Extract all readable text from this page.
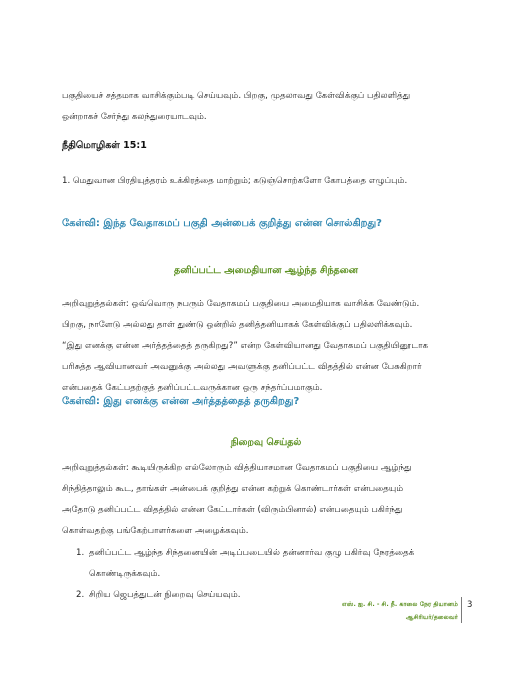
பகுதியைச் சத்தமாக வாசிக்கும்படி செய்யவும். பிறகு, முதலாவது கேள்விக்குப் பதிலளித்து
ஒன்றாகச் சேர்ந்து கலந்துரையாடவும்.

நீதிமொழிகள் 15:1

1. மெதுவான பிரதியுத்தரம் உக்கிரத்தை மாற்றும்; கடுஞ்சொற்களோ கோபத்தை எழுப்பும்.

கேள்வி: இந்த வேதாகமப் பகுதி அன்பைக் குறித்து என்ன சொல்கிறது?

தனிப்பட்ட அமைதியான ஆழ்ந்த சிந்தனை

அறிவுறுத்தல்கள்: ஒவ்வொரு நபரும் வேதாகமப் பகுதியை அமைதியாக வாசிக்க வேண்டும்.
பிறகு, நாளேடு அல்லது தாள் துண்டு ஒன்றில் தனித்தனியாகக் கேள்விக்குப் பதிலளிக்கவும்.
“இது எனக்கு என்ன அர்த்தத்தைத் தருகிறது?” என்ற கேள்வியானது வேதாகமப் பகுதியினூடாக
பரிசுத்த ஆவியானவர் அவனுக்கு அல்லது அவளுக்கு தனிப்பட்ட விதத்தில் என்ன பேசுகிறார்
என்பதைக் கேட்பதற்குத் தனிப்பட்டவருக்கான ஒரு சந்தர்ப்பமாகும்.

கேள்வி: இது எனக்கு என்ன அர்த்தத்தைத் தருகிறது?

நிறைவு செய்தல்

அறிவுறுத்தல்கள்: கூடியிருக்கிற எல்லோரும் வித்தியாசமான வேதாகமப் பகுதியை ஆழ்ந்து
சிந்தித்தாலும் கூட, தாங்கள் அன்பைக் குறித்து என்ன கற்றுக் கொண்டார்கள் என்பதையும்
அதோடு தனிப்பட்ட விதத்தில் என்ன கேட்டார்கள் (விரும்பினால்) என்பதையும் பகிர்ந்து
கொள்வதற்கு பங்கேற்பாளர்களை அழைக்கவும்.

1. தனிப்பட்ட ஆழ்ந்த சிந்தனையின் அடிப்படையில் தன்னார்வ குழு பகிர்வு நேரத்தைக்
கொண்டிருக்கவும்.
2. சிறிய ஜெபத்துடன் நிறைவு செய்யவும்.
எஸ். ஐ. சி. - சி. நீ. காலை நேர தியானம்
ஆசிரியர்/தலைவர்
3
